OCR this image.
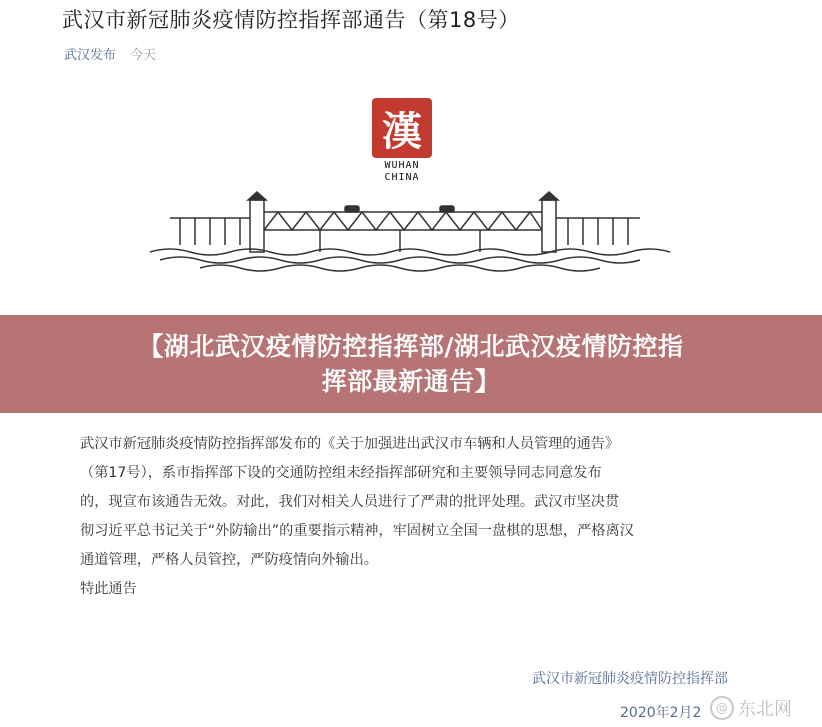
武汉市新冠肺炎疫情防控指挥部通告（第18号）
武汉发布 今天
漢
WUHAN
CHINA
【湖北武汉疫情防控指挥部/湖北武汉疫情防控指
挥部最新通告】

武汉市新冠肺炎疫情防控指挥部发布的《关于加强进出武汉市车辆和人员管理的通告》

（第17号），系市指挥部下设的交通防控组未经指挥部研究和主要领导同志同意发布

的，现宣布该通告无效。对此，我们对相关人员进行了严肃的批评处理。武汉市坚决贯

彻习近平总书记关于“外防输出”的重要指示精神，牢固树立全国一盘棋的思想，严格离汉

通道管理，严格人员管控，严防疫情向外输出。

特此通告

武汉市新冠肺炎疫情防控指挥部
2020年2月2	@ 东北网
